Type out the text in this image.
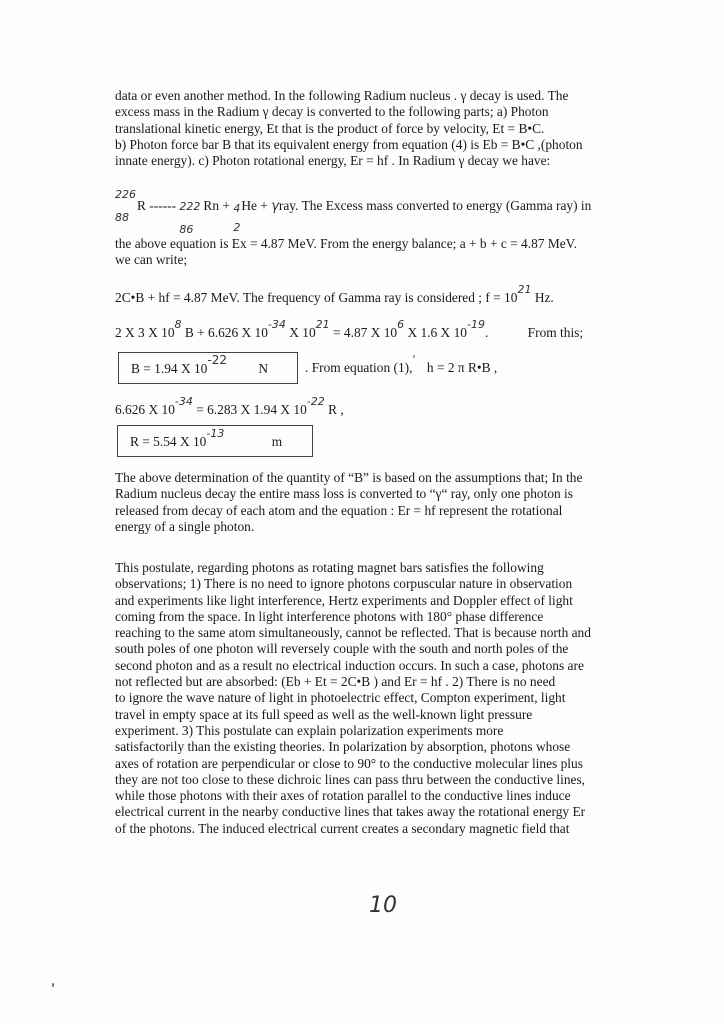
data or even another method. In the following Radium nucleus . γ decay is used. The
excess mass in the Radium γ decay is converted to the following parts; a) Photon
translational kinetic energy, Et that is the product of force by velocity, Et = B•C.
b) Photon force bar B that its equivalent energy from equation (4) is Eb = B•C ,(photon
innate energy). c) Photon rotational energy, Er = hf . In Radium γ decay we have:
226
88
R ------ 222
86
Rn + 4
2
He + γray. The Excess mass converted to energy (Gamma ray) in
the above equation is Ex = 4.87 MeV. From the energy balance; a + b + c = 4.87 MeV.
we can write;
2C•B + hf = 4.87 MeV. The frequency of Gamma ray is considered ; $f = 10^{21}$ Hz.
2 X 3 X $10^8$ B + 6.626 X $10^{-34}$ X $10^{21} = 4.87$ X $10^6$ X 1.6 X $10^{-19}$.	From this;
B = 1.94 X 10-22 N	. From equation (1),' h = 2 π R•B ,
6.626 X $10^{-34} = 6.283$ X 1.94 X $10^{-22}$ R ,
R = 5.54 X $10^{-13}$ m
The above determination of the quantity of “B” is based on the assumptions that; In the
Radium nucleus decay the entire mass loss is converted to “γ“ ray, only one photon is
released from decay of each atom and the equation : Er = hf represent the rotational
energy of a single photon.
This postulate, regarding photons as rotating magnet bars satisfies the following
observations; 1) There is no need to ignore photons corpuscular nature in observation
and experiments like light interference, Hertz experiments and Doppler effect of light
coming from the space. In light interference photons with 180° phase difference
reaching to the same atom simultaneously, cannot be reflected. That is because north and
south poles of one photon will reversely couple with the south and north poles of the
second photon and as a result no electrical induction occurs. In such a case, photons are
not reflected but are absorbed: (Eb + Et = 2C•B ) and Er = hf . 2) There is no need
to ignore the wave nature of light in photoelectric effect, Compton experiment, light
travel in empty space at its full speed as well as the well-known light pressure
experiment. 3) This postulate can explain polarization experiments more
satisfactorily than the existing theories. In polarization by absorption, photons whose
axes of rotation are perpendicular or close to 90° to the conductive molecular lines plus
they are not too close to these dichroic lines can pass thru between the conductive lines,
while those photons with their axes of rotation parallel to the conductive lines induce
electrical current in the nearby conductive lines that takes away the rotational energy Er
of the photons. The induced electrical current creates a secondary magnetic field that
10
